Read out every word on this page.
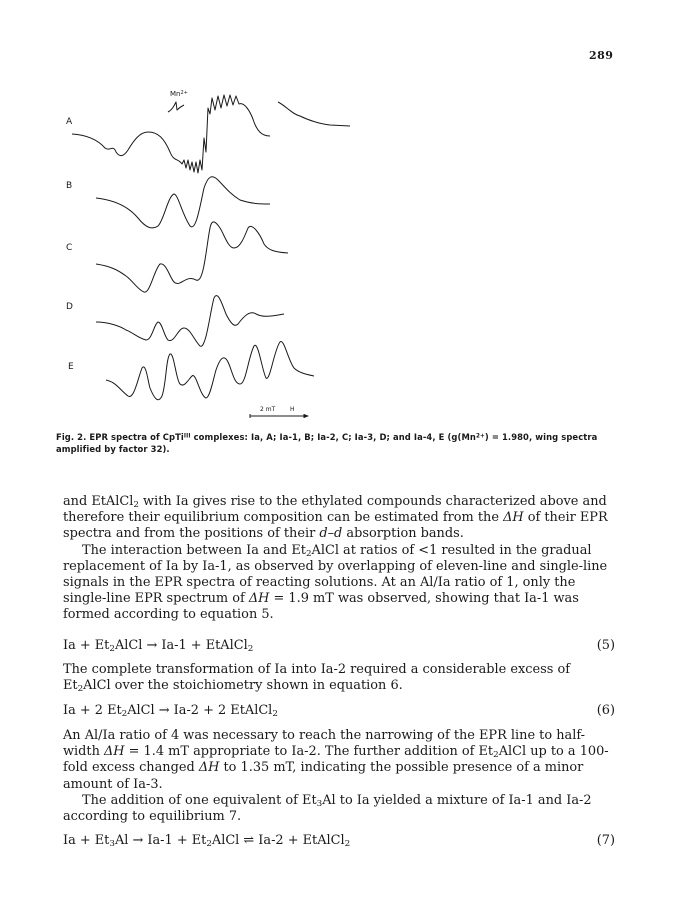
289
A
B
C
D
E
$Mn^{2+}$
2 mT H
Fig. 2. EPR spectra of CpTi$^{III}$ complexes: Ia, A; Ia-1, B; Ia-2, C; Ia-3, D; and Ia-4, E ($g(Mn^{2+}) = 1.980$, wing spectra amplified by factor 32).

and EtAlCl$_2$ with Ia gives rise to the ethylated compounds characterized above and therefore their equilibrium composition can be estimated from the ΔH of their EPR spectra and from the positions of their d–d absorption bands.

The interaction between Ia and $Et_2AlCl$ at ratios of <1 resulted in the gradual replacement of Ia by Ia-1, as observed by overlapping of eleven-line and single-line signals in the EPR spectra of reacting solutions. At an Al/Ia ratio of 1, only the single-line EPR spectrum of ΔH = 1.9 mT was observed, showing that Ia-1 was formed according to equation 5.

$Ia + Et_2AlCl \to Ia-1$ + EtAlCl$_2$	(5)

The complete transformation of Ia into Ia-2 required a considerable excess of $Et_2AlCl$ over the stoichiometry shown in equation 6.

Ia + 2 $Et_2AlCl \to Ia-2 + 2$ EtAlCl$_2$	(6)

An Al/Ia ratio of 4 was necessary to reach the narrowing of the EPR line to half-width ΔH = 1.4 mT appropriate to Ia-2. The further addition of $Et_2AlCl$ up to a 100-fold excess changed ΔH to 1.35 mT, indicating the possible presence of a minor amount of Ia-3.

The addition of one equivalent of $Et_3Al$ to Ia yielded a mixture of Ia-1 and Ia-2 according to equilibrium 7.

$Ia + Et_3Al \to Ia-1$ + $Et_2AlCl$ ⇌ Ia-2 + EtAlCl$_2$	(7)
